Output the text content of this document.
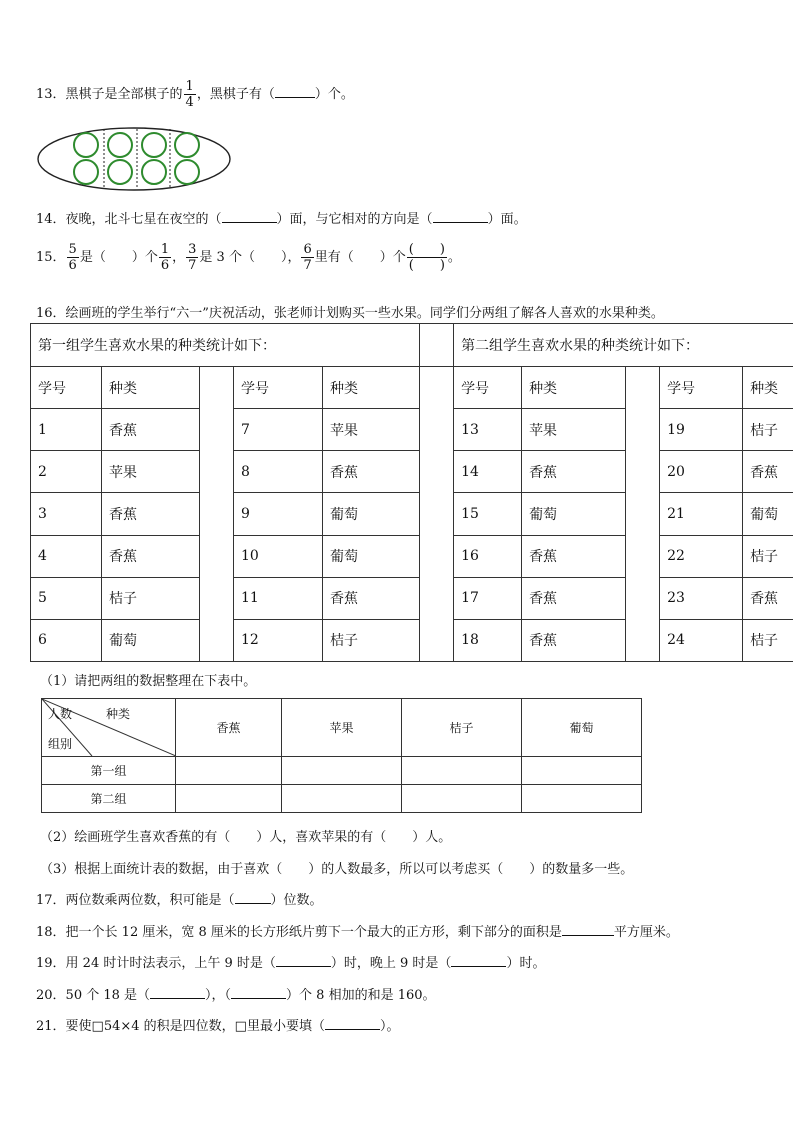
13．黑棋子是全部棋子的 $\frac{1}{4}$ ，黑棋子有（	）个。
14．夜晚，北斗七星在夜空的（	）面，与它相对的方向是（	）面。
15． $\frac{5}{6}$ 是（　　）个 $\frac{1}{6}$ ， $\frac{3}{7}$ 是 3 个（　　）， $\frac{6}{7}$ 里有（　　）个 $\frac{( )}{( )}$ 。
16．绘画班的学生举行“六一”庆祝活动，张老师计划购买一些水果。同学们分两组了解各人喜欢的水果种类。
第一组学生喜欢水果的种类统计如下：						第二组学生喜欢水果的种类统计如下：				
学号	种类		学号	种类		学号	种类		学号	种类
1	香蕉		7	苹果		13	苹果		19	桔子
2	苹果		8	香蕉		14	香蕉		20	香蕉
3	香蕉		9	葡萄		15	葡萄		21	葡萄
4	香蕉		10	葡萄		16	香蕉		22	桔子
5	桔子		11	香蕉		17	香蕉		23	香蕉
6	葡萄		12	桔子		18	香蕉		24	桔子
（1）请把两组的数据整理在下表中。
人数 种类
组别	香蕉	苹果	桔子	葡萄
第一组				
第二组				
（2）绘画班学生喜欢香蕉的有（　　）人，喜欢苹果的有（　　）人。
（3）根据上面统计表的数据，由于喜欢（　　）的人数最多，所以可以考虑买（　　）的数量多一些。
17．两位数乘两位数，积可能是（	）位数。
18．把一个长 12 厘米，宽 8 厘米的长方形纸片剪下一个最大的正方形，剩下部分的面积是	平方厘米。
19．用 24 时计时法表示，上午 9 时是（	）时，晚上 9 时是（	）时。
20．50 个 18 是（	），（	）个 8 相加的和是 160。
21．要使□54×4 的积是四位数，□里最小要填（	）。
